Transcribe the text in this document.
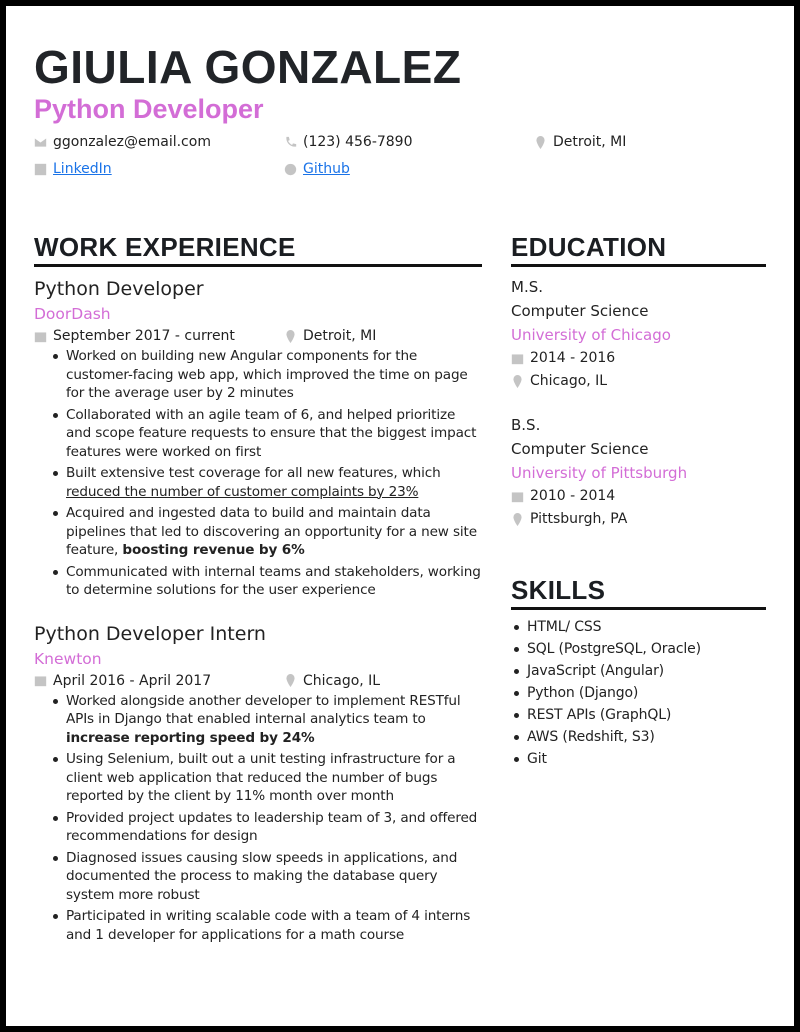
GIULIA GONZALEZ
Python Developer
ggonzalez@email.com	(123) 456-7890	Detroit, MI
LinkedIn	Github
WORK EXPERIENCE
Python Developer
DoorDash
September 2017 - current	Detroit, MI
Worked on building new Angular components for the customer-facing web app, which improved the time on page for the average user by 2 minutes
Collaborated with an agile team of 6, and helped prioritize and scope feature requests to ensure that the biggest impact features were worked on first
Built extensive test coverage for all new features, which reduced the number of customer complaints by 23%
Acquired and ingested data to build and maintain data pipelines that led to discovering an opportunity for a new site feature, boosting revenue by 6%
Communicated with internal teams and stakeholders, working to determine solutions for the user experience
Python Developer Intern
Knewton
April 2016 - April 2017	Chicago, IL
Worked alongside another developer to implement RESTful APIs in Django that enabled internal analytics team to increase reporting speed by 24%
Using Selenium, built out a unit testing infrastructure for a client web application that reduced the number of bugs reported by the client by 11% month over month
Provided project updates to leadership team of 3, and offered recommendations for design
Diagnosed issues causing slow speeds in applications, and documented the process to making the database query system more robust
Participated in writing scalable code with a team of 4 interns and 1 developer for applications for a math course
EDUCATION
M.S.
Computer Science
University of Chicago
2014 - 2016
Chicago, IL
B.S.
Computer Science
University of Pittsburgh
2010 - 2014
Pittsburgh, PA
SKILLS
HTML/ CSS
SQL (PostgreSQL, Oracle)
JavaScript (Angular)
Python (Django)
REST APIs (GraphQL)
AWS (Redshift, S3)
Git
